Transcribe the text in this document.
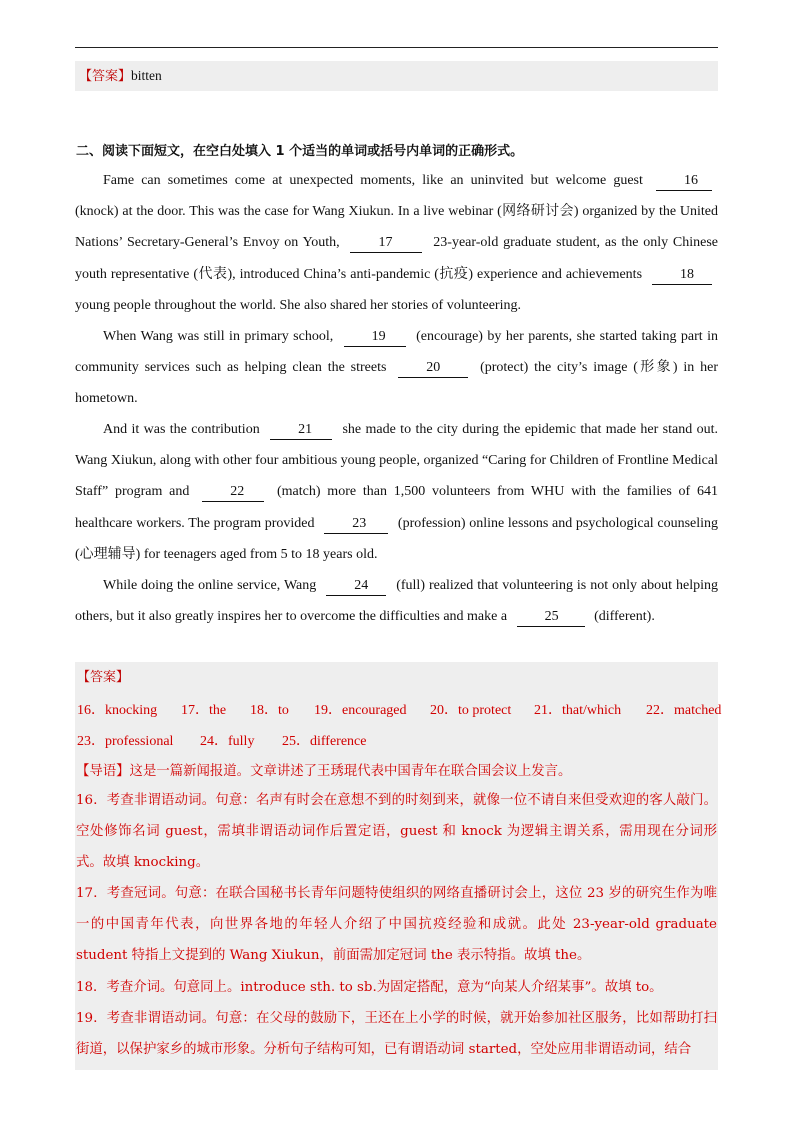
【答案】bitten
二、阅读下面短文，在空白处填入 1 个适当的单词或括号内单词的正确形式。

Fame can sometimes come at unexpected moments, like an uninvited but welcome guest	16 (knock) at the door. This was the case for Wang Xiukun. In a live webinar (网络研讨会) organized by the United Nations’ Secretary-General’s Envoy on Youth,	17	23-year-old graduate student, as the only Chinese youth representative (代表), introduced China’s anti-pandemic (抗疫) experience and achievements	18 young people throughout the world. She also shared her stories of volunteering.

When Wang was still in primary school,	19 (encourage) by her parents, she started taking part in community services such as helping clean the streets	20	(protect) the city’s image (形象) in her hometown.

And it was the contribution	21 she made to the city during the epidemic that made her stand out. Wang Xiukun, along with other four ambitious young people, organized “Caring for Children of Frontline Medical Staff” program and	22 (match) more than 1,500 volunteers from WHU with the families of 641 healthcare workers. The program provided	23 (profession) online lessons and psychological counseling (心理辅导) for teenagers aged from 5 to 18 years old.

While doing the online service, Wang	24 (full) realized that volunteering is not only about helping others, but it also greatly inspires her to overcome the difficulties and make a	25	(different).

【答案】
16．knocking 17．the 18．to 19．encouraged 20．to protect 21．that/which 22．matched
23．professional 24．fully 25．difference
【导语】这是一篇新闻报道。文章讲述了王琇琨代表中国青年在联合国会议上发言。
16．考查非谓语动词。句意：名声有时会在意想不到的时刻到来，就像一位不请自来但受欢迎的客人敲门。空处修饰名词 guest，需填非谓语动词作后置定语，guest 和 knock 为逻辑主谓关系，需用现在分词形式。故填 knocking。
17．考查冠词。句意：在联合国秘书长青年问题特使组织的网络直播研讨会上，这位 23 岁的研究生作为唯一的中国青年代表，向世界各地的年轻人介绍了中国抗疫经验和成就。此处 23-year-old graduate student 特指上文提到的 Wang Xiukun，前面需加定冠词 the 表示特指。故填 the。
18．考查介词。句意同上。introduce sth. to sb.为固定搭配，意为“向某人介绍某事”。故填 to。
19．考查非谓语动词。句意：在父母的鼓励下，王还在上小学的时候，就开始参加社区服务，比如帮助打扫街道，以保护家乡的城市形象。分析句子结构可知，已有谓语动词 started，空处应用非谓语动词，结合
